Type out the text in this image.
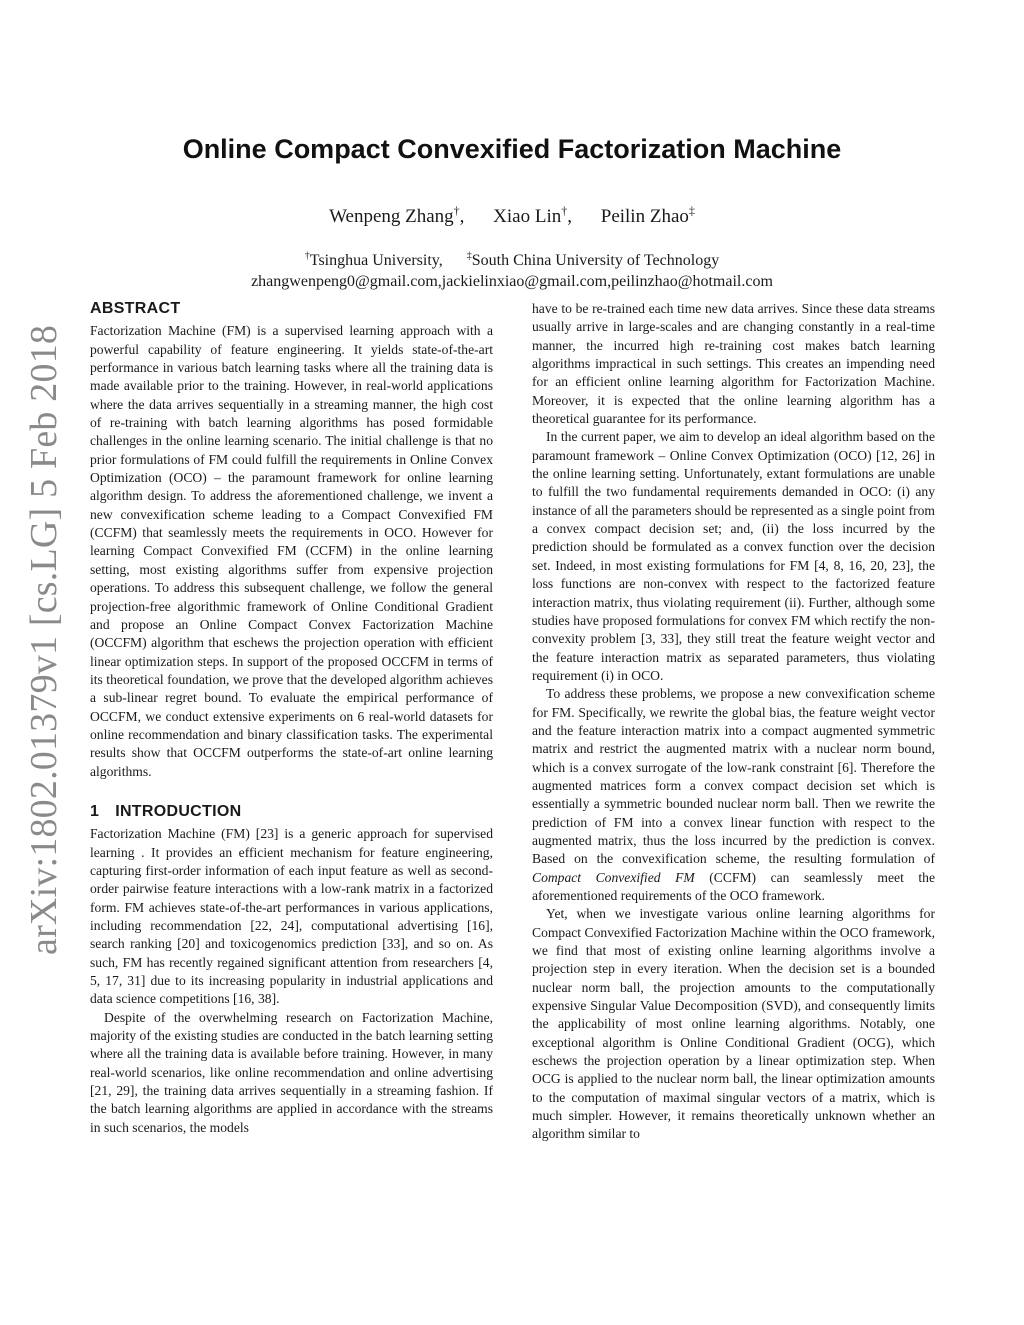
arXiv:1802.01379v1 [cs.LG] 5 Feb 2018
Online Compact Convexified Factorization Machine
Wenpeng Zhang†, Xiao Lin†, Peilin Zhao‡
†Tsinghua University, ‡South China University of Technology
zhangwenpeng0@gmail.com,jackielinxiao@gmail.com,peilinzhao@hotmail.com
ABSTRACT

Factorization Machine (FM) is a supervised learning approach with a powerful capability of feature engineering. It yields state-of-the-art performance in various batch learning tasks where all the training data is made available prior to the training. However, in real-world applications where the data arrives sequentially in a streaming manner, the high cost of re-training with batch learning algorithms has posed formidable challenges in the online learning scenario. The initial challenge is that no prior formulations of FM could fulfill the requirements in Online Convex Optimization (OCO) – the paramount framework for online learning algorithm design. To address the aforementioned challenge, we invent a new convexification scheme leading to a Compact Convexified FM (CCFM) that seamlessly meets the requirements in OCO. However for learning Compact Convexified FM (CCFM) in the online learning setting, most existing algorithms suffer from expensive projection operations. To address this subsequent challenge, we follow the general projection-free algorithmic framework of Online Conditional Gradient and propose an Online Compact Convex Factorization Machine (OCCFM) algorithm that eschews the projection operation with efficient linear optimization steps. In support of the proposed OCCFM in terms of its theoretical foundation, we prove that the developed algorithm achieves a sub-linear regret bound. To evaluate the empirical performance of OCCFM, we conduct extensive experiments on 6 real-world datasets for online recommendation and binary classification tasks. The experimental results show that OCCFM outperforms the state-of-art online learning algorithms.

1 INTRODUCTION

Factorization Machine (FM) [23] is a generic approach for supervised learning . It provides an efficient mechanism for feature engineering, capturing first-order information of each input feature as well as second-order pairwise feature interactions with a low-rank matrix in a factorized form. FM achieves state-of-the-art performances in various applications, including recommendation [22, 24], computational advertising [16], search ranking [20] and toxicogenomics prediction [33], and so on. As such, FM has recently regained significant attention from researchers [4, 5, 17, 31] due to its increasing popularity in industrial applications and data science competitions [16, 38].

Despite of the overwhelming research on Factorization Machine, majority of the existing studies are conducted in the batch learning setting where all the training data is available before training. However, in many real-world scenarios, like online recommendation and online advertising [21, 29], the training data arrives sequentially in a streaming fashion. If the batch learning algorithms are applied in accordance with the streams in such scenarios, the models

have to be re-trained each time new data arrives. Since these data streams usually arrive in large-scales and are changing constantly in a real-time manner, the incurred high re-training cost makes batch learning algorithms impractical in such settings. This creates an impending need for an efficient online learning algorithm for Factorization Machine. Moreover, it is expected that the online learning algorithm has a theoretical guarantee for its performance.

In the current paper, we aim to develop an ideal algorithm based on the paramount framework – Online Convex Optimization (OCO) [12, 26] in the online learning setting. Unfortunately, extant formulations are unable to fulfill the two fundamental requirements demanded in OCO: (i) any instance of all the parameters should be represented as a single point from a convex compact decision set; and, (ii) the loss incurred by the prediction should be formulated as a convex function over the decision set. Indeed, in most existing formulations for FM [4, 8, 16, 20, 23], the loss functions are non-convex with respect to the factorized feature interaction matrix, thus violating requirement (ii). Further, although some studies have proposed formulations for convex FM which rectify the non-convexity problem [3, 33], they still treat the feature weight vector and the feature interaction matrix as separated parameters, thus violating requirement (i) in OCO.

To address these problems, we propose a new convexification scheme for FM. Specifically, we rewrite the global bias, the feature weight vector and the feature interaction matrix into a compact augmented symmetric matrix and restrict the augmented matrix with a nuclear norm bound, which is a convex surrogate of the low-rank constraint [6]. Therefore the augmented matrices form a convex compact decision set which is essentially a symmetric bounded nuclear norm ball. Then we rewrite the prediction of FM into a convex linear function with respect to the augmented matrix, thus the loss incurred by the prediction is convex. Based on the convexification scheme, the resulting formulation of Compact Convexified FM (CCFM) can seamlessly meet the aforementioned requirements of the OCO framework.

Yet, when we investigate various online learning algorithms for Compact Convexified Factorization Machine within the OCO framework, we find that most of existing online learning algorithms involve a projection step in every iteration. When the decision set is a bounded nuclear norm ball, the projection amounts to the computationally expensive Singular Value Decomposition (SVD), and consequently limits the applicability of most online learning algorithms. Notably, one exceptional algorithm is Online Conditional Gradient (OCG), which eschews the projection operation by a linear optimization step. When OCG is applied to the nuclear norm ball, the linear optimization amounts to the computation of maximal singular vectors of a matrix, which is much simpler. However, it remains theoretically unknown whether an algorithm similar to
